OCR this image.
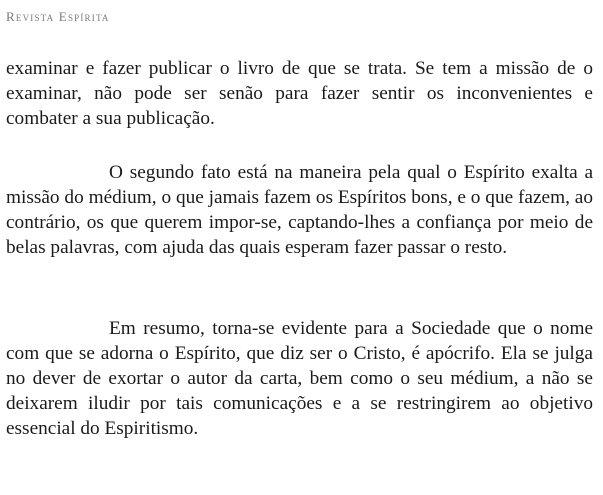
Revista Espírita

examinar e fazer publicar o livro de que se trata. Se tem a missão de o examinar, não pode ser senão para fazer sentir os inconvenientes e combater a sua publicação.

O segundo fato está na maneira pela qual o Espírito exalta a missão do médium, o que jamais fazem os Espíritos bons, e o que fazem, ao contrário, os que querem impor-se, captando-lhes a confiança por meio de belas palavras, com ajuda das quais esperam fazer passar o resto.

Em resumo, torna-se evidente para a Sociedade que o nome com que se adorna o Espírito, que diz ser o Cristo, é apócrifo. Ela se julga no dever de exortar o autor da carta, bem como o seu médium, a não se deixarem iludir por tais comunicações e a se restringirem ao objetivo essencial do Espiritismo.
